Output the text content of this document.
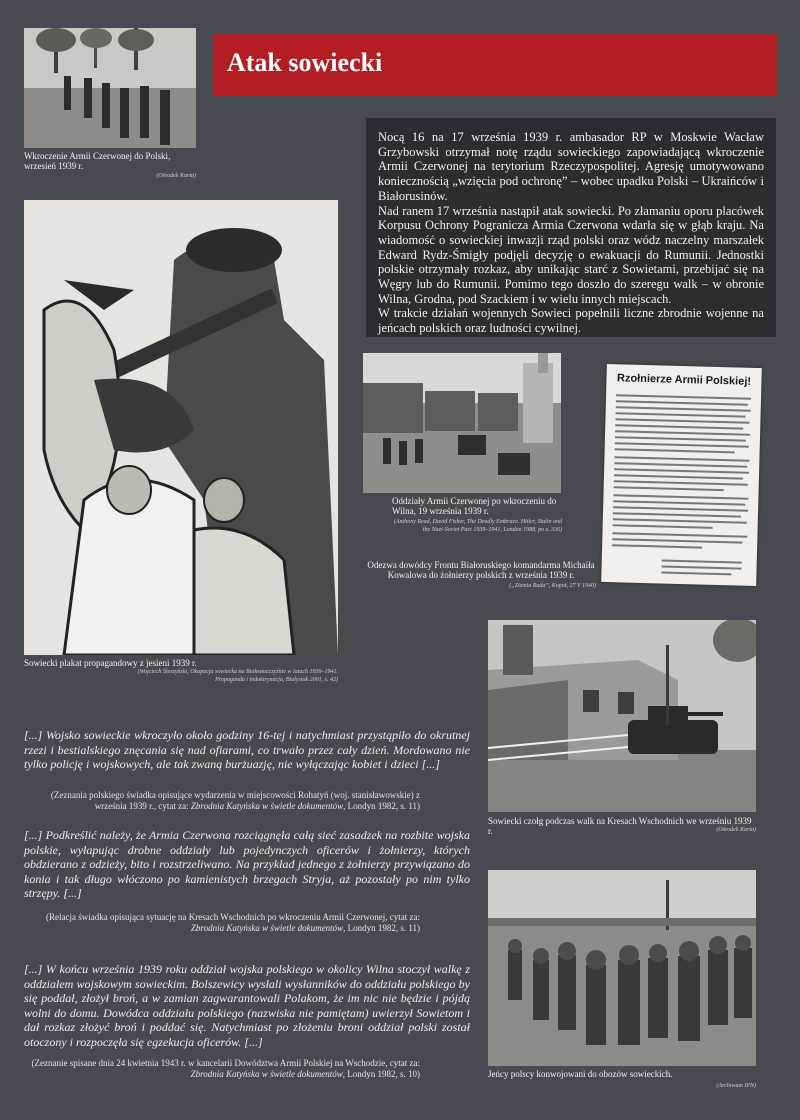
Atak sowiecki
Wkroczenie Armii Czerwonej do Polski, wrzesień 1939 r.
(Ośrodek Karta)
Nocą 16 na 17 września 1939 r. ambasador RP w Moskwie Wacław Grzybowski otrzymał notę rządu sowieckiego zapowiadającą wkroczenie Armii Czerwonej na terytorium Rzeczypospolitej. Agresję umotywowano koniecznością „wzięcia pod ochronę” – wobec upadku Polski – Ukraińców i Białorusinów.
Nad ranem 17 września nastąpił atak sowiecki. Po złamaniu oporu placówek Korpusu Ochrony Pogranicza Armia Czerwona wdarła się w głąb kraju. Na wiadomość o sowieckiej inwazji rząd polski oraz wódz naczelny marszałek Edward Rydz-Śmigły podjęli decyzję o ewakuacji do Rumunii. Jednostki polskie otrzymały rozkaz, aby unikając starć z Sowietami, przebijać się na Węgry lub do Rumunii. Pomimo tego doszło do szeregu walk – w obronie Wilna, Grodna, pod Szackiem i w wielu innych miejscach.
W trakcie działań wojennych Sowieci popełnili liczne zbrodnie wojenne na jeńcach polskich oraz ludności cywilnej.
Sowiecki plakat propagandowy z jesieni 1939 r.
(Wojciech Śleszyński, Okupacja sowiecka na Białostocczyźnie w latach 1939–1941. Propaganda i indoktrynacja, Białystok 2001, s. 42)
Oddziały Armii Czerwonej po wkroczeniu do Wilna, 19 września 1939 r.
(Anthony Read, David Fisher, The Deadly Embrace. Hitler, Stalin and the Nazi-Soviet Pact 1939–1941, London 1988, po s. 336)
Rzołnierze Armii Polskiej!
Odezwa dowódcy Frontu Białoruskiego komandarma Michaiła Kowalowa do żołnierzy polskich z września 1939 r.
(„Ziemia Ruda”, Kopot, 27 V 1940)
Sowiecki czołg podczas walk na Kresach Wschodnich we wrześniu 1939 r.	(Ośrodek Karta)
Jeńcy polscy konwojowani do obozów sowieckich.
(Archiwum IPN)
[...] Wojsko sowieckie wkroczyło około godziny 16-tej i natychmiast przystąpiło do okrutnej rzezi i bestialskiego znęcania się nad ofiarami, co trwało przez cały dzień. Mordowano nie tylko policję i wojskowych, ale tak zwaną burżuazję, nie wyłączając kobiet i dzieci [...]
(Zeznania polskiego świadka opisujące wydarzenia w miejscowości Rohatyń (woj. stanisławowskie) z września 1939 r., cytat za: Zbrodnia Katyńska w świetle dokumentów, Londyn 1982, s. 11)
[...] Podkreślić należy, że Armia Czerwona rozciągnęła całą sieć zasadzek na rozbite wojska polskie, wyłapując drobne oddziały lub pojedynczych oficerów i żołnierzy, których obdzierano z odzieży, bito i rozstrzeliwano. Na przykład jednego z żołnierzy przywiązano do konia i tak długo włóczono po kamienistych brzegach Stryja, aż pozostały po nim tylko strzępy. [...]
(Relacja świadka opisująca sytuację na Kresach Wschodnich po wkroczeniu Armii Czerwonej, cytat za: Zbrodnia Katyńska w świetle dokumentów, Londyn 1982, s. 11)
[...] W końcu września 1939 roku oddział wojska polskiego w okolicy Wilna stoczył walkę z oddziałem wojskowym sowieckim. Bolszewicy wysłali wysłanników do oddziału polskiego by się poddał, złożył broń, a w zamian zagwarantowali Polakom, że im nic nie będzie i pójdą wolni do domu. Dowódca oddziału polskiego (nazwiska nie pamiętam) uwierzył Sowietom i dał rozkaz złożyć broń i poddać się. Natychmiast po złożeniu broni oddział polski został otoczony i rozpoczęła się egzekucja oficerów. [...]
(Zeznanie spisane dnia 24 kwietnia 1943 r. w kancelarii Dowództwa Armii Polskiej na Wschodzie, cytat za: Zbrodnia Katyńska w świetle dokumentów, Londyn 1982, s. 10)
